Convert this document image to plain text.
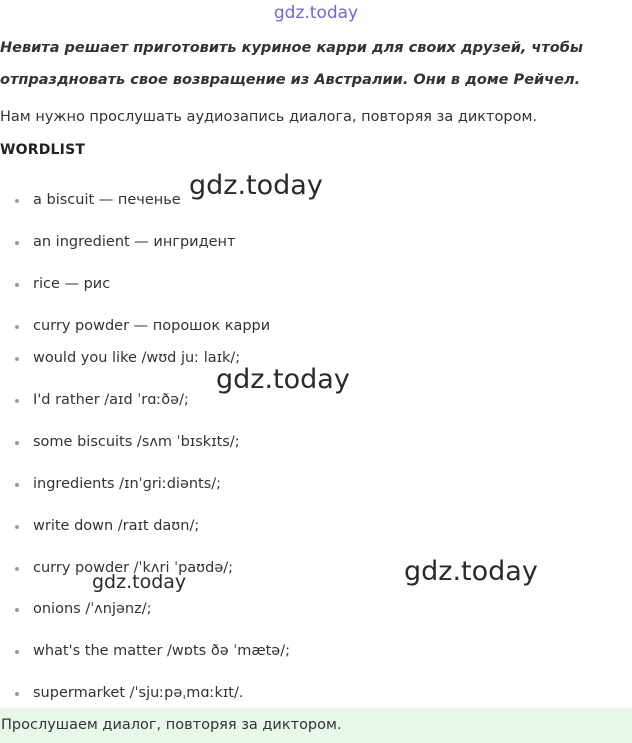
gdz.today

Невита решает приготовить куриное карри для своих друзей, чтобы отпраздновать свое возвращение из Австралии. Они в доме Рейчел.

Нам нужно прослушать аудиозапись диалога, повторяя за диктором.

WORDLIST
a biscuit — печенье
an ingredient — ингридент
rice — рис
curry powder — порошок карри
would you like /wʊd juː laɪk/;
I'd rather /aɪd ˈrɑːðə/;
some biscuits /sʌm ˈbɪskɪts/;
ingredients /ɪnˈɡriːdiənts/;
write down /raɪt daʊn/;
curry powder /ˈkʌri ˈpaʊdə/;
onions /ˈʌnjənz/;
what's the matter /wɒts ðə ˈmætə/;
supermarket /ˈsjuːpəˌmɑːkɪt/.
Прослушаем диалог, повторяя за диктором.
gdz.today
gdz.today
gdz.today
gdz.today
